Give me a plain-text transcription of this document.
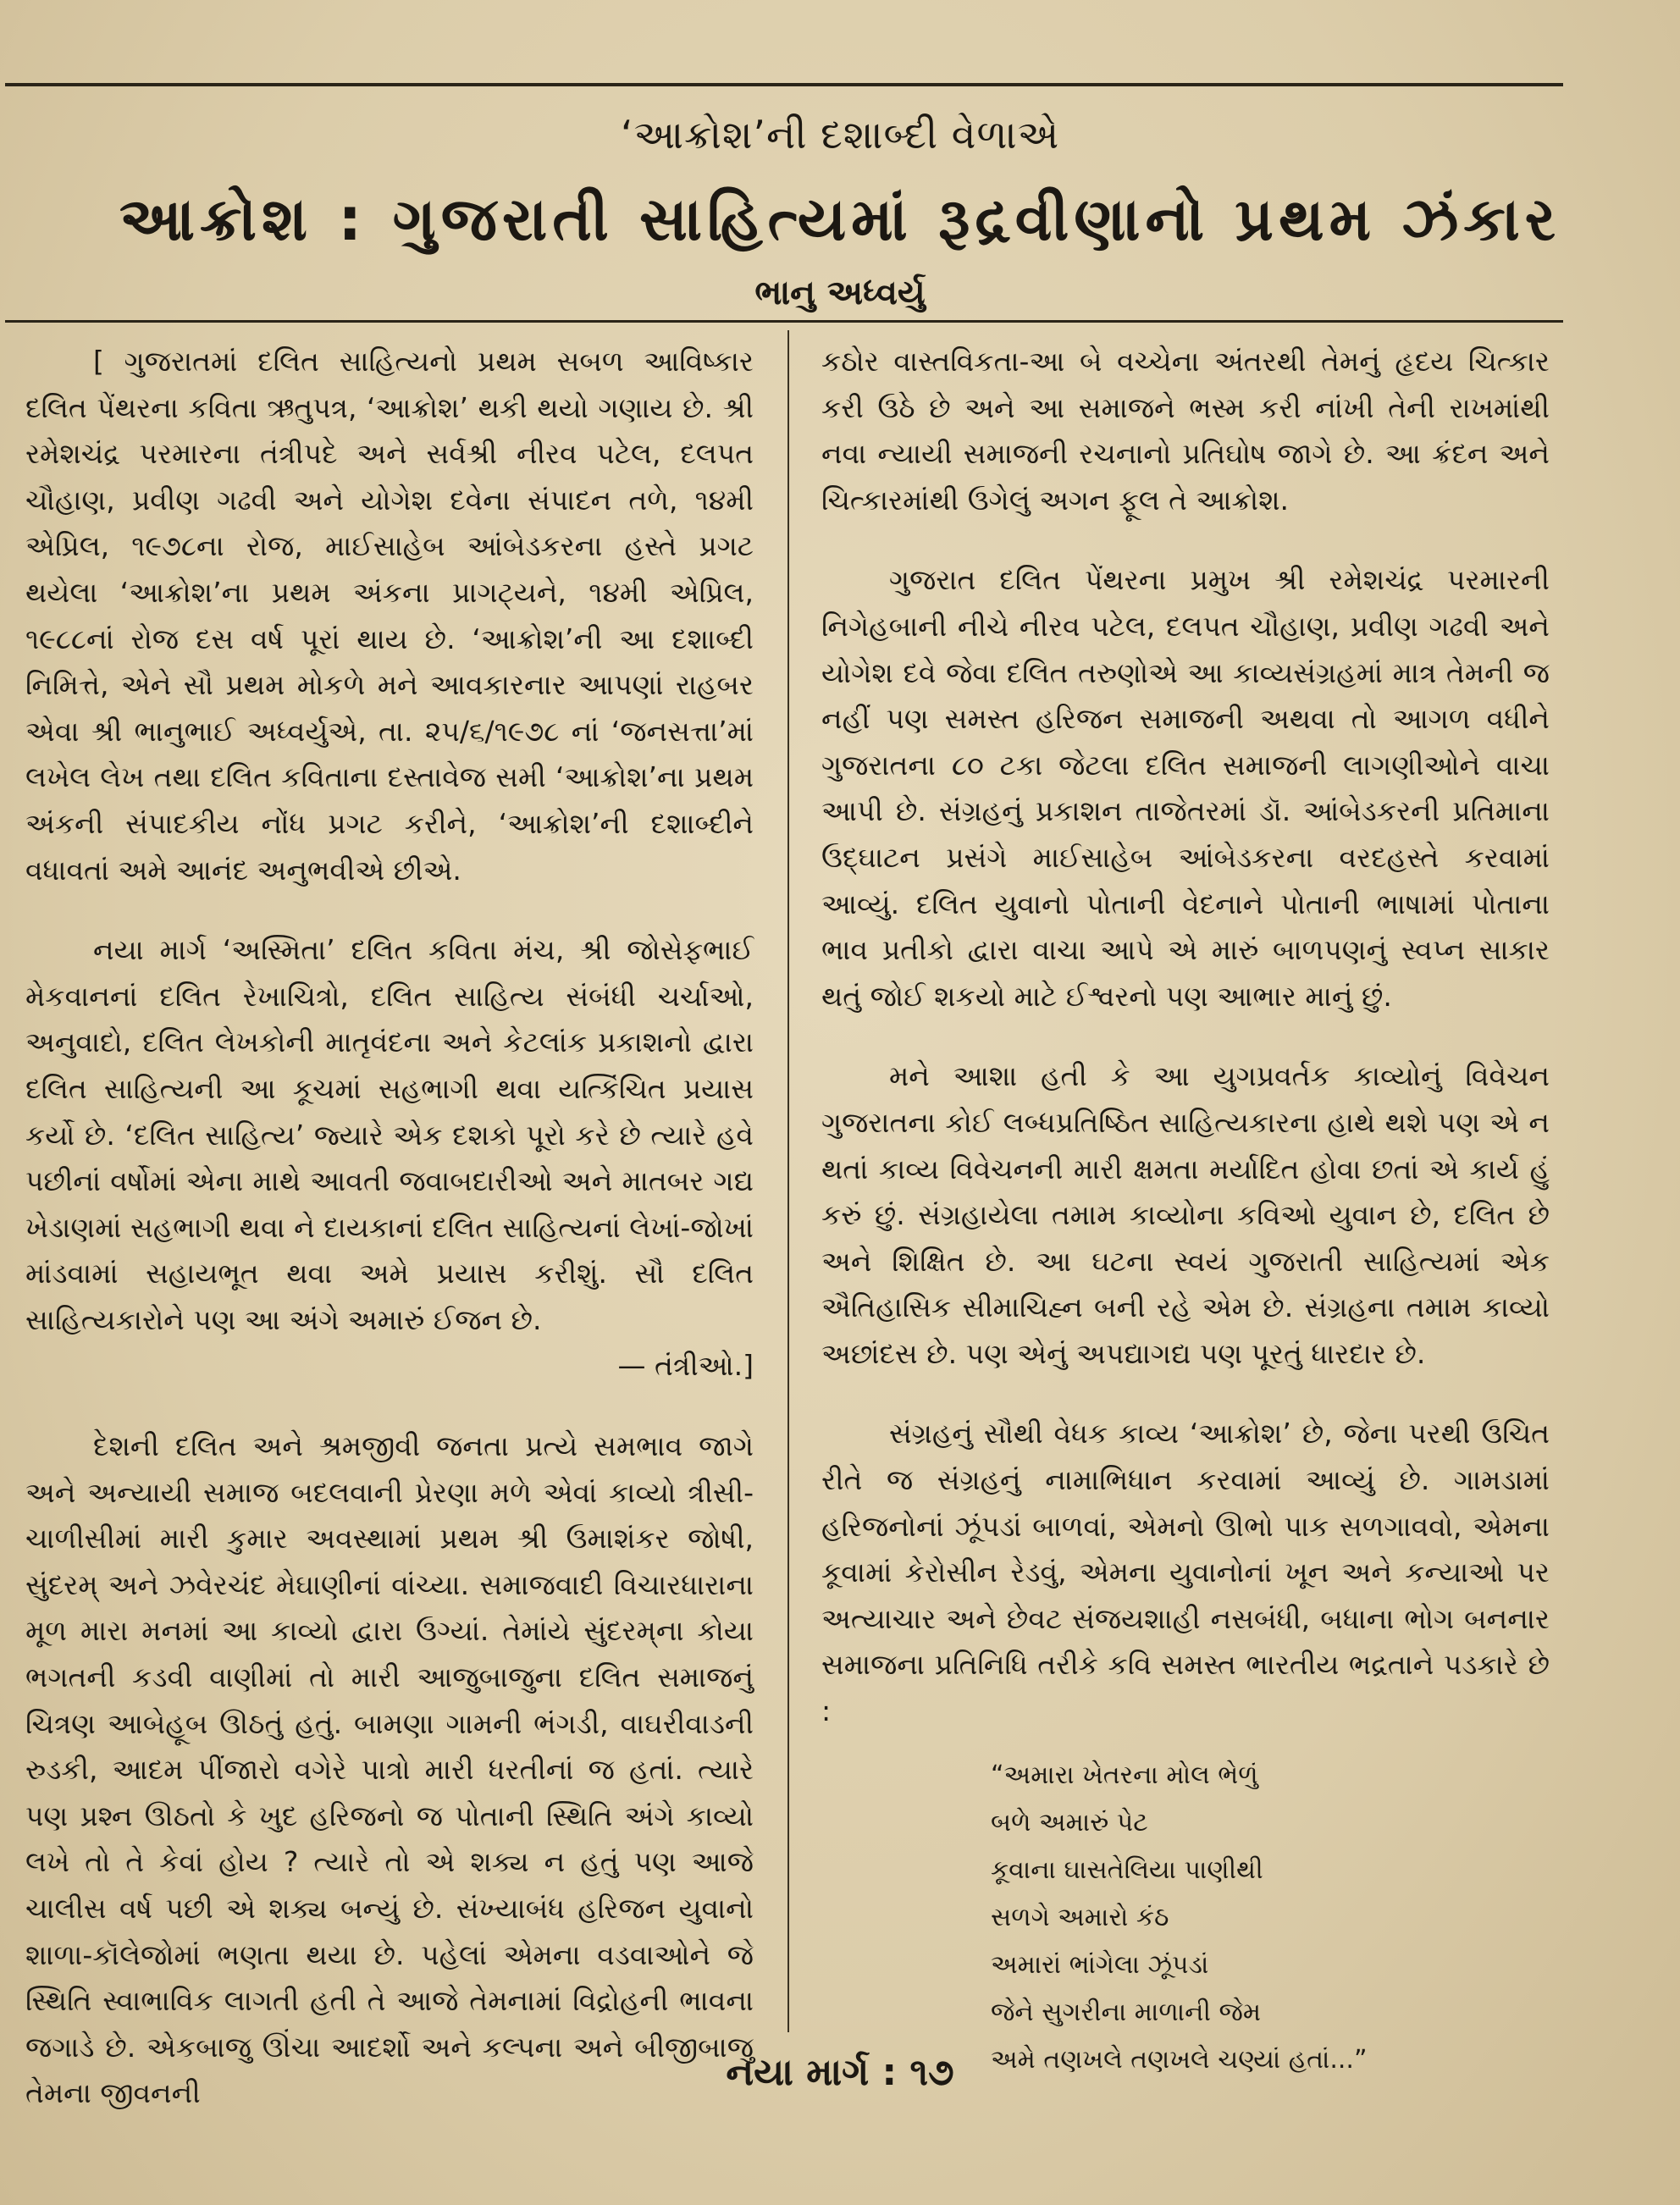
‘આક્રોશ’ની દશાબ્દી વેળાએ
આક્રોશ : ગુજરાતી સાહિત્યમાં રૂદ્રવીણાનો પ્રથમ ઝંકાર
ભાનુ અધ્વર્યુ

[ ગુજરાતમાં દલિત સાહિત્યનો પ્રથમ સબળ આવિષ્કાર દલિત પેંથરના કવિતા ઋતુપત્ર, ‘આક્રોશ’ થકી થયો ગણાય છે. શ્રી રમેશચંદ્ર પરમારના તંત્રીપદે અને સર્વશ્રી નીરવ પટેલ, દલપત ચૌહાણ, પ્રવીણ ગઢવી અને યોગેશ દવેના સંપાદન તળે, ૧૪મી એપ્રિલ, ૧૯૭૮ના રોજ, માઈસાહેબ આંબેડકરના હસ્તે પ્રગટ થયેલા ‘આક્રોશ’ના પ્રથમ અંકના પ્રાગટ્યને, ૧૪મી એપ્રિલ, ૧૯૮૮નાં રોજ દસ વર્ષ પૂરાં થાય છે. ‘આક્રોશ’ની આ દશાબ્દી નિમિત્તે, એને સૌ પ્રથમ મોકળે મને આવકારનાર આપણાં રાહબર એવા શ્રી ભાનુભાઈ અધ્વર્યુએ, તા. ૨૫/૬/૧૯૭૮ નાં ‘જનસત્તા’માં લખેલ લેખ તથા દલિત કવિતાના દસ્તાવેજ સમી ‘આક્રોશ’ના પ્રથમ અંકની સંપાદકીય નોંધ પ્રગટ કરીને, ‘આક્રોશ’ની દશાબ્દીને વધાવતાં અમે આનંદ અનુભવીએ છીએ.

નયા માર્ગ ‘અસ્મિતા’ દલિત કવિતા મંચ, શ્રી જોસેફભાઈ મેકવાનનાં દલિત રેખાચિત્રો, દલિત સાહિત્ય સંબંધી ચર્ચાઓ, અનુવાદો, દલિત લેખકોની માતૃવંદના અને કેટલાંક પ્રકાશનો દ્વારા દલિત સાહિત્યની આ કૂચમાં સહભાગી થવા યત્કિંચિત પ્રયાસ કર્યો છે. ‘દલિત સાહિત્ય’ જ્યારે એક દશકો પૂરો કરે છે ત્યારે હવે પછીનાં વર્ષોમાં એના માથે આવતી જવાબદારીઓ અને માતબર ગદ્ય ખેડાણમાં સહભાગી થવા ને દાયકાનાં દલિત સાહિત્યનાં લેખાં-જોખાં માંડવામાં સહાયભૂત થવા અમે પ્રયાસ કરીશું. સૌ દલિત સાહિત્યકારોને પણ આ અંગે અમારું ઈજન છે.

— તંત્રીઓ.]

દેશની દલિત અને શ્રમજીવી જનતા પ્રત્યે સમભાવ જાગે અને અન્યાયી સમાજ બદલવાની પ્રેરણા મળે એવાં કાવ્યો ત્રીસી-ચાળીસીમાં મારી કુમાર અવસ્થામાં પ્રથમ શ્રી ઉમાશંકર જોષી, સુંદરમ્ અને ઝવેરચંદ મેઘાણીનાં વાંચ્યા. સમાજવાદી વિચારધારાના મૂળ મારા મનમાં આ કાવ્યો દ્વારા ઉગ્યાં. તેમાંયે સુંદરમ્‌ના કોયા ભગતની કડવી વાણીમાં તો મારી આજુબાજુના દલિત સમાજનું ચિત્રણ આબેહૂબ ઊઠતું હતું. બામણા ગામની ભંગડી, વાઘરીવાડની રુડકી, આદમ પીંજારો વગેરે પાત્રો મારી ધરતીનાં જ હતાં. ત્યારે પણ પ્રશ્ન ઊઠતો કે ખુદ હરિજનો જ પોતાની સ્થિતિ અંગે કાવ્યો લખે તો તે કેવાં હોય ? ત્યારે તો એ શક્ય ન હતું પણ આજે ચાલીસ વર્ષ પછી એ શક્ય બન્યું છે. સંખ્યાબંધ હરિજન યુવાનો શાળા-કૉલેજોમાં ભણતા થયા છે. પહેલાં એમના વડવાઓને જે સ્થિતિ સ્વાભાવિક લાગતી હતી તે આજે તેમનામાં વિદ્રોહની ભાવના જગાડે છે. એકબાજુ ઊંચા આદર્શો અને કલ્પના અને બીજીબાજુ તેમના જીવનની

કઠોર વાસ્તવિકતા-આ બે વચ્ચેના અંતરથી તેમનું હૃદય ચિત્કાર કરી ઉઠે છે અને આ સમાજને ભસ્મ કરી નાંખી તેની રાખમાંથી નવા ન્યાયી સમાજની રચનાનો પ્રતિઘોષ જાગે છે. આ ક્રંદન અને ચિત્કારમાંથી ઉગેલું અગન ફૂલ તે આક્રોશ.

ગુજરાત દલિત પેંથરના પ્રમુખ શ્રી રમેશચંદ્ર પરમારની નિગેહબાની નીચે નીરવ પટેલ, દલપત ચૌહાણ, પ્રવીણ ગઢવી અને યોગેશ દવે જેવા દલિત તરુણોએ આ કાવ્યસંગ્રહમાં માત્ર તેમની જ નહીં પણ સમસ્ત હરિજન સમાજની અથવા તો આગળ વધીને ગુજરાતના ૮૦ ટકા જેટલા દલિત સમાજની લાગણીઓને વાચા આપી છે. સંગ્રહનું પ્રકાશન તાજેતરમાં ડૉ. આંબેડકરની પ્રતિમાના ઉદ્ઘાટન પ્રસંગે માઈસાહેબ આંબેડકરના વરદહસ્તે કરવામાં આવ્યું. દલિત યુવાનો પોતાની વેદનાને પોતાની ભાષામાં પોતાના ભાવ પ્રતીકો દ્વારા વાચા આપે એ મારું બાળપણનું સ્વપ્ન સાકાર થતું જોઈ શકયો માટે ઈશ્વરનો પણ આભાર માનું છું.

મને આશા હતી કે આ યુગપ્રવર્તક કાવ્યોનું વિવેચન ગુજરાતના કોઈ લબ્ધપ્રતિષ્ઠિત સાહિત્યકારના હાથે થશે પણ એ ન થતાં કાવ્ય વિવેચનની મારી ક્ષમતા મર્યાદિત હોવા છતાં એ કાર્ય હું કરું છું. સંગ્રહાયેલા તમામ કાવ્યોના કવિઓ યુવાન છે, દલિત છે અને શિક્ષિત છે. આ ઘટના સ્વયં ગુજરાતી સાહિત્યમાં એક ઐતિહાસિક સીમાચિહ્ન બની રહે એમ છે. સંગ્રહના તમામ કાવ્યો અછાંદસ છે. પણ એનું અપદ્યાગદ્ય પણ પૂરતું ધારદાર છે.

સંગ્રહનું સૌથી વેધક કાવ્ય ‘આક્રોશ’ છે, જેના પરથી ઉચિત રીતે જ સંગ્રહનું નામાભિધાન કરવામાં આવ્યું છે. ગામડામાં હરિજનોનાં ઝૂંપડાં બાળવાં, એમનો ઊભો પાક સળગાવવો, એમના કૂવામાં કેરોસીન રેડવું, એમના યુવાનોનાં ખૂન અને કન્યાઓ પર અત્યાચાર અને છેવટ સંજયશાહી નસબંધી, બધાના ભોગ બનનાર સમાજના પ્રતિનિધિ તરીકે કવિ સમસ્ત ભારતીય ભદ્રતાને પડકારે છે :

“અમારા ખેતરના મોલ ભેળું
બળે અમારું પેટ
કૂવાના ઘાસતેલિયા પાણીથી
સળગે અમારો કંઠ
અમારાં ભાંગેલા ઝૂંપડાં
જેને સુગરીના માળાની જેમ
અમે તણખલે તણખલે ચણ્યાં હતાં...”
નયા માર્ગ : ૧૭
